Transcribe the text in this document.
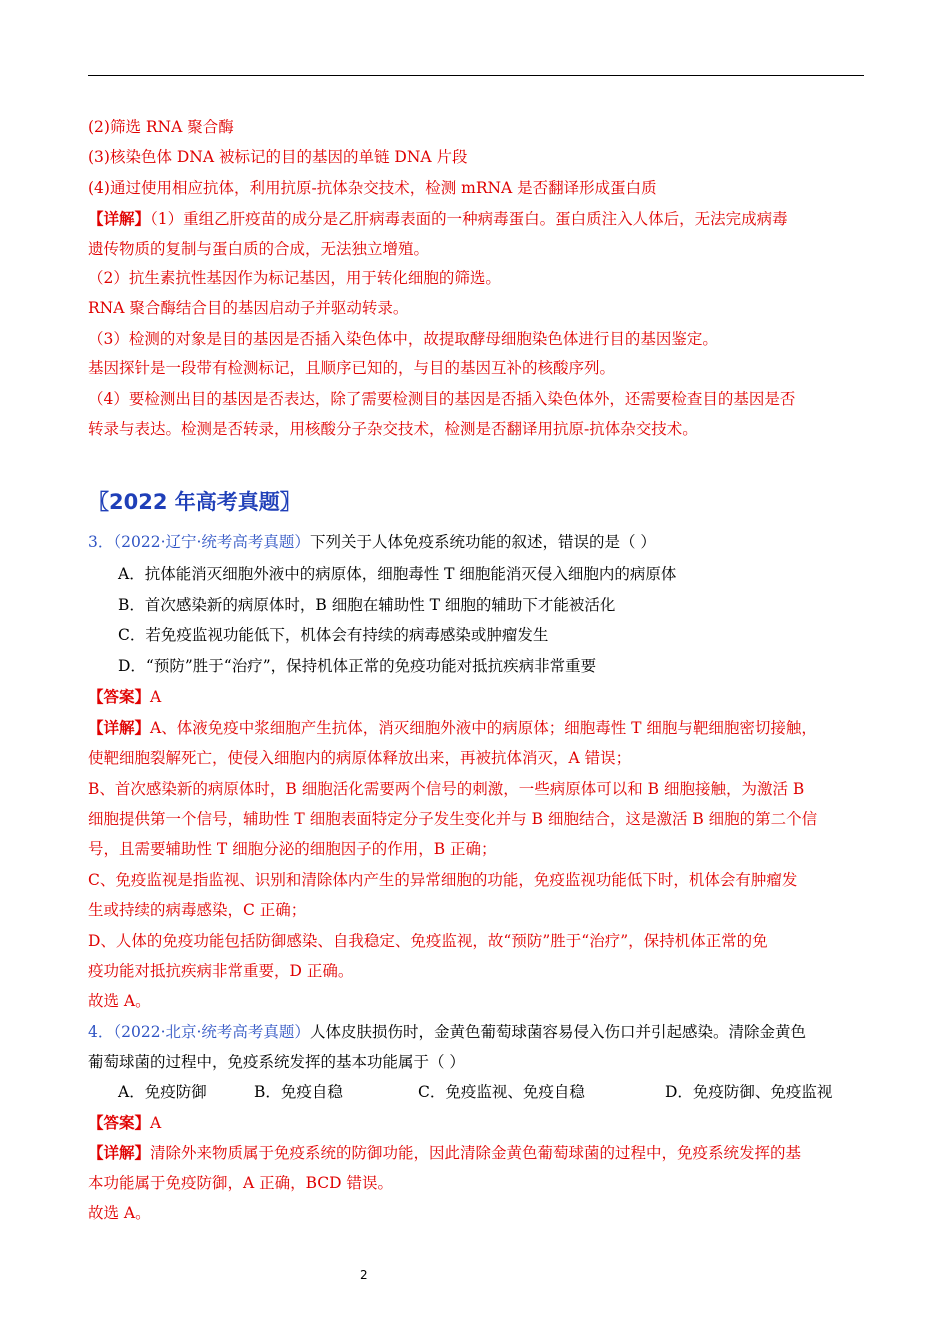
(2)筛选 RNA 聚合酶
(3)核染色体 DNA 被标记的目的基因的单链 DNA 片段
(4)通过使用相应抗体，利用抗原-抗体杂交技术，检测 mRNA 是否翻译形成蛋白质
【详解】（1）重组乙肝疫苗的成分是乙肝病毒表面的一种病毒蛋白。蛋白质注入人体后，无法完成病毒
遗传物质的复制与蛋白质的合成，无法独立增殖。
（2）抗生素抗性基因作为标记基因，用于转化细胞的筛选。
RNA 聚合酶结合目的基因启动子并驱动转录。
（3）检测的对象是目的基因是否插入染色体中，故提取酵母细胞染色体进行目的基因鉴定。
基因探针是一段带有检测标记，且顺序已知的，与目的基因互补的核酸序列。
（4）要检测出目的基因是否表达，除了需要检测目的基因是否插入染色体外，还需要检查目的基因是否
转录与表达。检测是否转录，用核酸分子杂交技术，检测是否翻译用抗原-抗体杂交技术。
〖2022 年高考真题〗
3．（2022·辽宁·统考高考真题）下列关于人体免疫系统功能的叙述，错误的是（ ）
A．抗体能消灭细胞外液中的病原体，细胞毒性 T 细胞能消灭侵入细胞内的病原体
B．首次感染新的病原体时，B 细胞在辅助性 T 细胞的辅助下才能被活化
C．若免疫监视功能低下，机体会有持续的病毒感染或肿瘤发生
D．“预防”胜于“治疗”，保持机体正常的免疫功能对抵抗疾病非常重要
【答案】A
【详解】A、体液免疫中浆细胞产生抗体，消灭细胞外液中的病原体；细胞毒性 T 细胞与靶细胞密切接触，
使靶细胞裂解死亡，使侵入细胞内的病原体释放出来，再被抗体消灭，A 错误；
B、首次感染新的病原体时，B 细胞活化需要两个信号的刺激，一些病原体可以和 B 细胞接触，为激活 B
细胞提供第一个信号，辅助性 T 细胞表面特定分子发生变化并与 B 细胞结合，这是激活 B 细胞的第二个信
号，且需要辅助性 T 细胞分泌的细胞因子的作用，B 正确；
C、免疫监视是指监视、识别和清除体内产生的异常细胞的功能，免疫监视功能低下时，机体会有肿瘤发
生或持续的病毒感染，C 正确；
D、人体的免疫功能包括防御感染、自我稳定、免疫监视，故“预防”胜于“治疗”，保持机体正常的免
疫功能对抵抗疾病非常重要，D 正确。
故选 A。
4．（2022·北京·统考高考真题）人体皮肤损伤时，金黄色葡萄球菌容易侵入伤口并引起感染。清除金黄色
葡萄球菌的过程中，免疫系统发挥的基本功能属于（ ）
A．免疫防御	B．免疫自稳	C．免疫监视、免疫自稳	D．免疫防御、免疫监视
【答案】A
【详解】清除外来物质属于免疫系统的防御功能，因此清除金黄色葡萄球菌的过程中，免疫系统发挥的基
本功能属于免疫防御，A 正确，BCD 错误。
故选 A。
2
